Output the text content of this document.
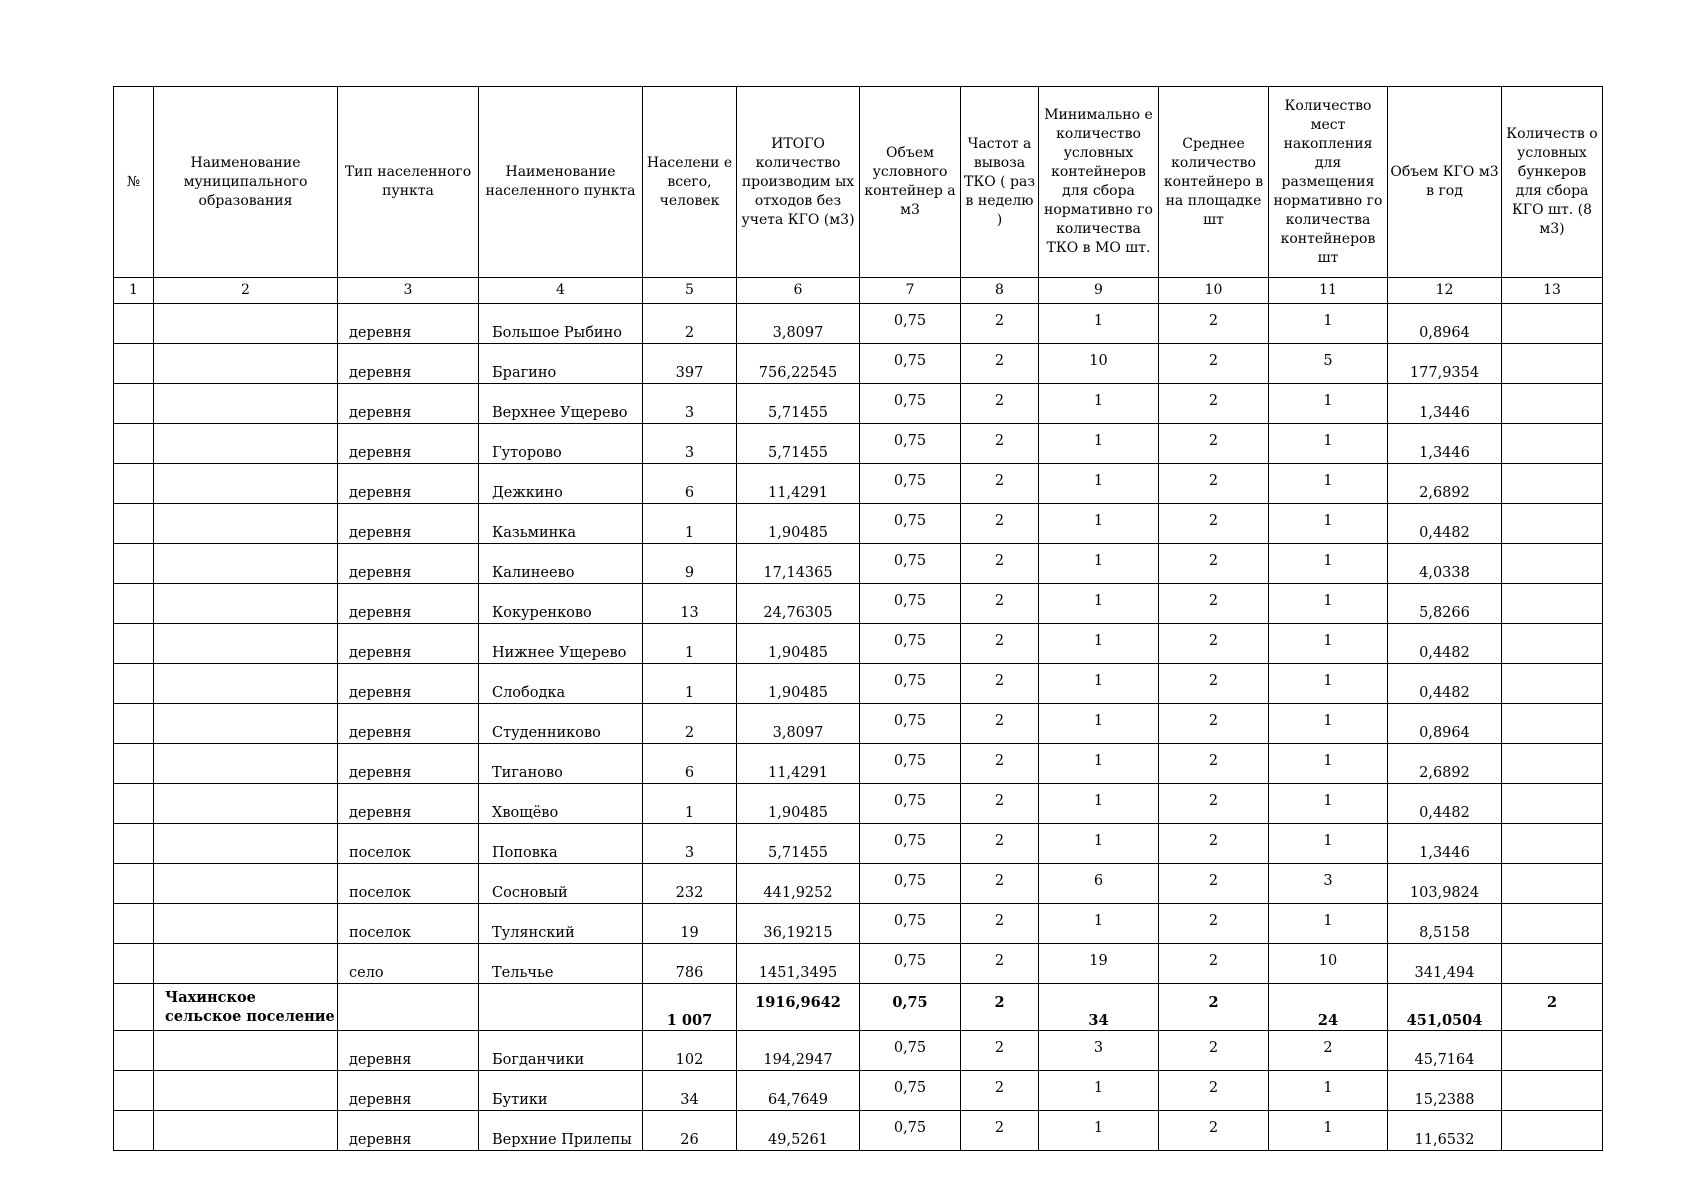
№	Наименование муниципального образования	Тип населенного пункта	Наименование населенного пункта	Населени е всего, человек	ИТОГО количество производим ых отходов без учета КГО (м3)	Объем условного контейнер а м3	Частот а вывоза ТКО ( раз в неделю )	Минимально е количество условных контейнеров для сбора нормативно го количества ТКО в МО шт.	Среднее количество контейнеро в на площадке шт	Количество мест накопления для размещения нормативно го количества контейнеров шт	Объем КГО м3 в год	Количеств о условных бункеров для сбора КГО шт. (8 м3)
1	2	3	4	5	6	7	8	9	10	11	12	13
		деревня	Большое Рыбино	2	3,8097	0,75	2	1	2	1	0,8964	
		деревня	Брагино	397	756,22545	0,75	2	10	2	5	177,9354	
		деревня	Верхнее Ущерево	3	5,71455	0,75	2	1	2	1	1,3446	
		деревня	Гуторово	3	5,71455	0,75	2	1	2	1	1,3446	
		деревня	Дежкино	6	11,4291	0,75	2	1	2	1	2,6892	
		деревня	Казьминка	1	1,90485	0,75	2	1	2	1	0,4482	
		деревня	Калинеево	9	17,14365	0,75	2	1	2	1	4,0338	
		деревня	Кокуренково	13	24,76305	0,75	2	1	2	1	5,8266	
		деревня	Нижнее Ущерево	1	1,90485	0,75	2	1	2	1	0,4482	
		деревня	Слободка	1	1,90485	0,75	2	1	2	1	0,4482	
		деревня	Студенниково	2	3,8097	0,75	2	1	2	1	0,8964	
		деревня	Тиганово	6	11,4291	0,75	2	1	2	1	2,6892	
		деревня	Хвощёво	1	1,90485	0,75	2	1	2	1	0,4482	
		поселок	Поповка	3	5,71455	0,75	2	1	2	1	1,3446	
		поселок	Сосновый	232	441,9252	0,75	2	6	2	3	103,9824	
		поселок	Тулянский	19	36,19215	0,75	2	1	2	1	8,5158	
		село	Тельчье	786	1451,3495	0,75	2	19	2	10	341,494	
	Чахинское сельское поселение			1 007	1916,9642	0,75	2	34	2	24	451,0504	2
		деревня	Богданчики	102	194,2947	0,75	2	3	2	2	45,7164	
		деревня	Бутики	34	64,7649	0,75	2	1	2	1	15,2388	
		деревня	Верхние Прилепы	26	49,5261	0,75	2	1	2	1	11,6532	
